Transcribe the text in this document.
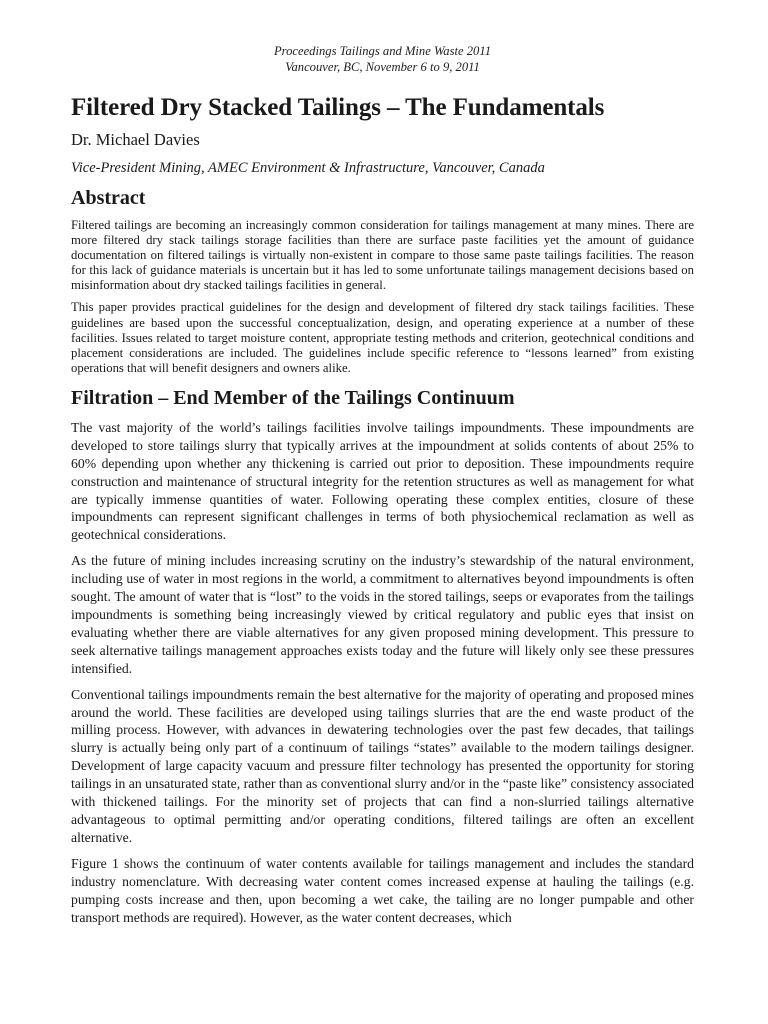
Proceedings Tailings and Mine Waste 2011
Vancouver, BC, November 6 to 9, 2011
Filtered Dry Stacked Tailings – The Fundamentals
Dr. Michael Davies
Vice-President Mining, AMEC Environment & Infrastructure, Vancouver, Canada
Abstract

Filtered tailings are becoming an increasingly common consideration for tailings management at many mines. There are more filtered dry stack tailings storage facilities than there are surface paste facilities yet the amount of guidance documentation on filtered tailings is virtually non-existent in compare to those same paste tailings facilities. The reason for this lack of guidance materials is uncertain but it has led to some unfortunate tailings management decisions based on misinformation about dry stacked tailings facilities in general.

This paper provides practical guidelines for the design and development of filtered dry stack tailings facilities. These guidelines are based upon the successful conceptualization, design, and operating experience at a number of these facilities. Issues related to target moisture content, appropriate testing methods and criterion, geotechnical conditions and placement considerations are included. The guidelines include specific reference to “lessons learned” from existing operations that will benefit designers and owners alike.

Filtration – End Member of the Tailings Continuum

The vast majority of the world’s tailings facilities involve tailings impoundments. These impoundments are developed to store tailings slurry that typically arrives at the impoundment at solids contents of about 25% to 60% depending upon whether any thickening is carried out prior to deposition. These impoundments require construction and maintenance of structural integrity for the retention structures as well as management for what are typically immense quantities of water. Following operating these complex entities, closure of these impoundments can represent significant challenges in terms of both physiochemical reclamation as well as geotechnical considerations.

As the future of mining includes increasing scrutiny on the industry’s stewardship of the natural environment, including use of water in most regions in the world, a commitment to alternatives beyond impoundments is often sought. The amount of water that is “lost” to the voids in the stored tailings, seeps or evaporates from the tailings impoundments is something being increasingly viewed by critical regulatory and public eyes that insist on evaluating whether there are viable alternatives for any given proposed mining development. This pressure to seek alternative tailings management approaches exists today and the future will likely only see these pressures intensified.

Conventional tailings impoundments remain the best alternative for the majority of operating and proposed mines around the world. These facilities are developed using tailings slurries that are the end waste product of the milling process. However, with advances in dewatering technologies over the past few decades, that tailings slurry is actually being only part of a continuum of tailings “states” available to the modern tailings designer. Development of large capacity vacuum and pressure filter technology has presented the opportunity for storing tailings in an unsaturated state, rather than as conventional slurry and/or in the “paste like” consistency associated with thickened tailings. For the minority set of projects that can find a non-slurried tailings alternative advantageous to optimal permitting and/or operating conditions, filtered tailings are often an excellent alternative.

Figure 1 shows the continuum of water contents available for tailings management and includes the standard industry nomenclature. With decreasing water content comes increased expense at hauling the tailings (e.g. pumping costs increase and then, upon becoming a wet cake, the tailing are no longer pumpable and other transport methods are required). However, as the water content decreases, which
